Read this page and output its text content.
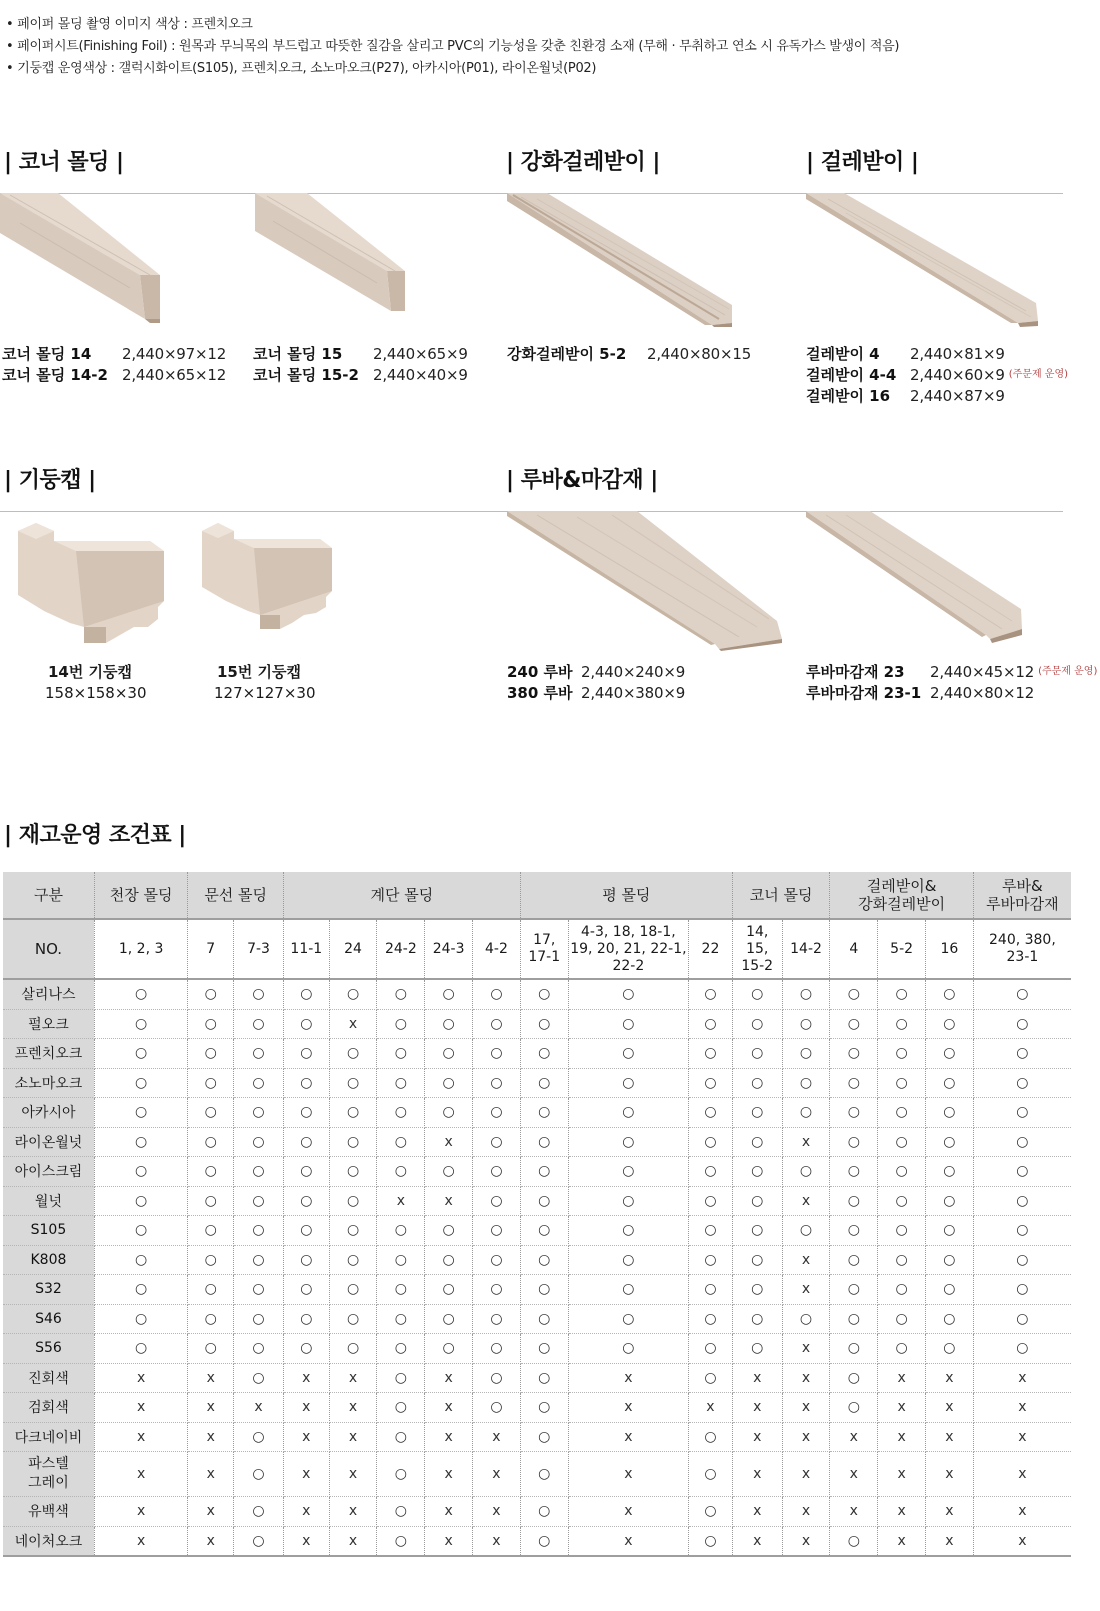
• 페이퍼 몰딩 촬영 이미지 색상 : 프렌치오크
• 페이퍼시트(Finishing Foil) : 원목과 무늬목의 부드럽고 따뜻한 질감을 살리고 PVC의 기능성을 갖춘 친환경 소재 (무해 · 무취하고 연소 시 유독가스 발생이 적음)
• 기둥캡 운영색상 : 갤럭시화이트(S105), 프렌치오크, 소노마오크(P27), 아카시아(P01), 라이온월넛(P02)
| 코너 몰딩 |	| 강화걸레받이 |	| 걸레받이 |
코너 몰딩 14	2,440×97×12
코너 몰딩 14-2 2,440×65×12
코너 몰딩 15	2,440×65×9
코너 몰딩 15-2 2,440×40×9
강화걸레받이 5-2	2,440×80×15	걸레받이 4	2,440×81×9
걸레받이 4-4 2,440×60×9 (주문제 운영)
걸레받이 16	2,440×87×9
| 기둥캡 |	| 루바&마감재 |
14번 기둥캡
158×158×30
15번 기둥캡
127×127×30
240 루바 2,440×240×9
380 루바 2,440×380×9
루바마감재 23	2,440×45×12 (주문제 운영)
루바마감재 23-1 2,440×80×12
| 재고운영 조건표 |
구분	천장 몰딩	문선 몰딩		계단 몰딩					평 몰딩			코너 몰딩		걸레받이&
강화걸레받이			루바&
루바마감재
NO.	1, 2, 3	7	7-3	11-1	24	24-2	24-3	4-2	17,
17-1	4-3, 18, 18-1,
19, 20, 21, 22-1,
22-2	22	14, 15,
15-2	14-2	4	5-2	16	240, 380,
23-1
살리나스	○	○	○	○	○	○	○	○	○	○	○	○	○	○	○	○	○
펄오크	○	○	○	○	x	○	○	○	○	○	○	○	○	○	○	○	○
프렌치오크	○	○	○	○	○	○	○	○	○	○	○	○	○	○	○	○	○
소노마오크	○	○	○	○	○	○	○	○	○	○	○	○	○	○	○	○	○
아카시아	○	○	○	○	○	○	○	○	○	○	○	○	○	○	○	○	○
라이온월넛	○	○	○	○	○	○	x	○	○	○	○	○	x	○	○	○	○
아이스크림	○	○	○	○	○	○	○	○	○	○	○	○	○	○	○	○	○
월넛	○	○	○	○	○	x	x	○	○	○	○	○	x	○	○	○	○
S105	○	○	○	○	○	○	○	○	○	○	○	○	○	○	○	○	○
K808	○	○	○	○	○	○	○	○	○	○	○	○	x	○	○	○	○
S32	○	○	○	○	○	○	○	○	○	○	○	○	x	○	○	○	○
S46	○	○	○	○	○	○	○	○	○	○	○	○	○	○	○	○	○
S56	○	○	○	○	○	○	○	○	○	○	○	○	x	○	○	○	○
진회색	x	x	○	x	x	○	x	○	○	x	○	x	x	○	x	x	x
검회색	x	x	x	x	x	○	x	○	○	x	x	x	x	○	x	x	x
다크네이비	x	x	○	x	x	○	x	x	○	x	○	x	x	x	x	x	x
파스텔
그레이	x	x	○	x	x	○	x	x	○	x	○	x	x	x	x	x	x
유백색	x	x	○	x	x	○	x	x	○	x	○	x	x	x	x	x	x
네이처오크	x	x	○	x	x	○	x	x	○	x	○	x	x	○	x	x	x
